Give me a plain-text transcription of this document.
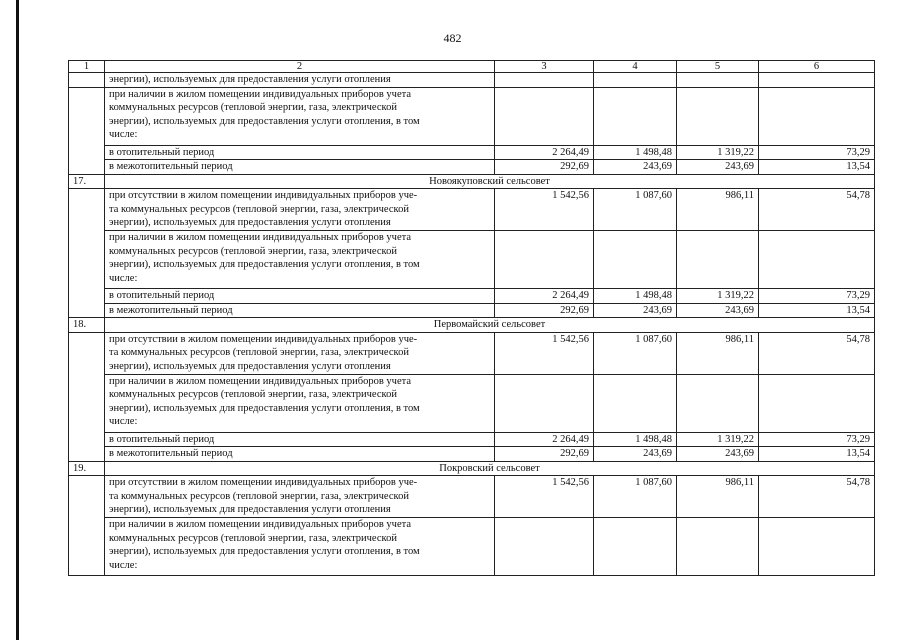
482
1	2	3	4	5	6
	энергии), используемых для предоставления услуги отопления				
	при наличии в жилом помещении индивидуальных приборов учета
коммунальных ресурсов (тепловой энергии, газа, электрической
энергии), используемых для предоставления услуги отопления, в том
числе:				
	в отопительный период	2 264,49	1 498,48	1 319,22	73,29
	в межотопительный период	292,69	243,69	243,69	13,54
17.	Новоякуповский сельсовет				
	при отсутствии в жилом помещении индивидуальных приборов уче-
та коммунальных ресурсов (тепловой энергии, газа, электрической
энергии), используемых для предоставления услуги отопления	1 542,56	1 087,60	986,11	54,78
	при наличии в жилом помещении индивидуальных приборов учета
коммунальных ресурсов (тепловой энергии, газа, электрической
энергии), используемых для предоставления услуги отопления, в том
числе:				
	в отопительный период	2 264,49	1 498,48	1 319,22	73,29
	в межотопительный период	292,69	243,69	243,69	13,54
18.	Первомайский сельсовет				
	при отсутствии в жилом помещении индивидуальных приборов уче-
та коммунальных ресурсов (тепловой энергии, газа, электрической
энергии), используемых для предоставления услуги отопления	1 542,56	1 087,60	986,11	54,78
	при наличии в жилом помещении индивидуальных приборов учета
коммунальных ресурсов (тепловой энергии, газа, электрической
энергии), используемых для предоставления услуги отопления, в том
числе:				
	в отопительный период	2 264,49	1 498,48	1 319,22	73,29
	в межотопительный период	292,69	243,69	243,69	13,54
19.	Покровский сельсовет				
	при отсутствии в жилом помещении индивидуальных приборов уче-
та коммунальных ресурсов (тепловой энергии, газа, электрической
энергии), используемых для предоставления услуги отопления	1 542,56	1 087,60	986,11	54,78
	при наличии в жилом помещении индивидуальных приборов учета
коммунальных ресурсов (тепловой энергии, газа, электрической
энергии), используемых для предоставления услуги отопления, в том
числе:				
